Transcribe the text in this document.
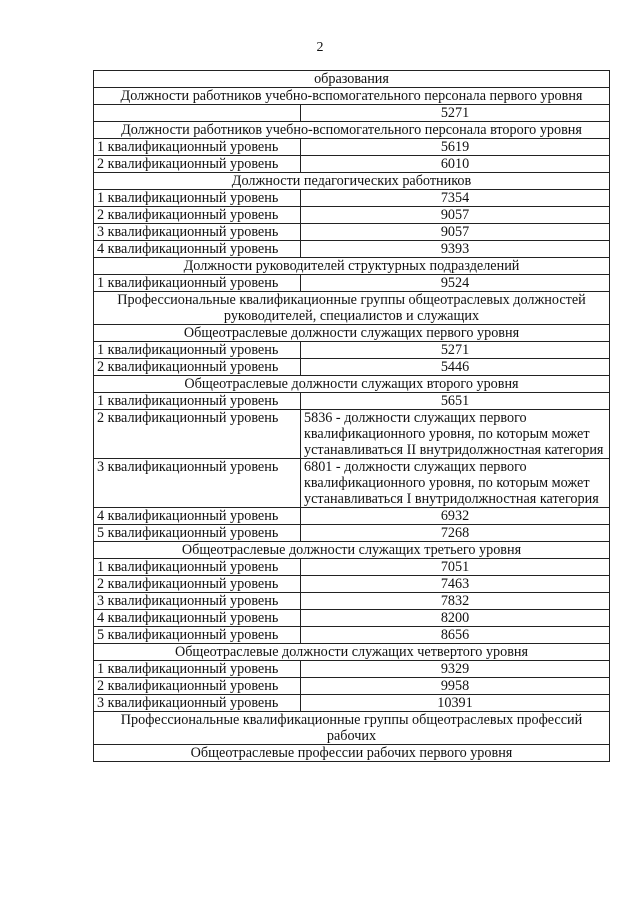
2
образования	
Должности работников учебно-вспомогательного персонала первого уровня	
	5271
Должности работников учебно-вспомогательного персонала второго уровня	
1 квалификационный уровень	5619
2 квалификационный уровень	6010
Должности педагогических работников	
1 квалификационный уровень	7354
2 квалификационный уровень	9057
3 квалификационный уровень	9057
4 квалификационный уровень	9393
Должности руководителей структурных подразделений	
1 квалификационный уровень	9524
Профессиональные квалификационные группы общеотраслевых должностей руководителей, специалистов и служащих	
Общеотраслевые должности служащих первого уровня	
1 квалификационный уровень	5271
2 квалификационный уровень	5446
Общеотраслевые должности служащих второго уровня	
1 квалификационный уровень	5651
2 квалификационный уровень	5836 - должности служащих первого квалификационного уровня, по которым может устанавливаться II внутридолжностная категория
3 квалификационный уровень	6801 - должности служащих первого квалификационного уровня, по которым может устанавливаться I внутридолжностная категория
4 квалификационный уровень	6932
5 квалификационный уровень	7268
Общеотраслевые должности служащих третьего уровня	
1 квалификационный уровень	7051
2 квалификационный уровень	7463
3 квалификационный уровень	7832
4 квалификационный уровень	8200
5 квалификационный уровень	8656
Общеотраслевые должности служащих четвертого уровня	
1 квалификационный уровень	9329
2 квалификационный уровень	9958
3 квалификационный уровень	10391
Профессиональные квалификационные группы общеотраслевых профессий рабочих	
Общеотраслевые профессии рабочих первого уровня	
